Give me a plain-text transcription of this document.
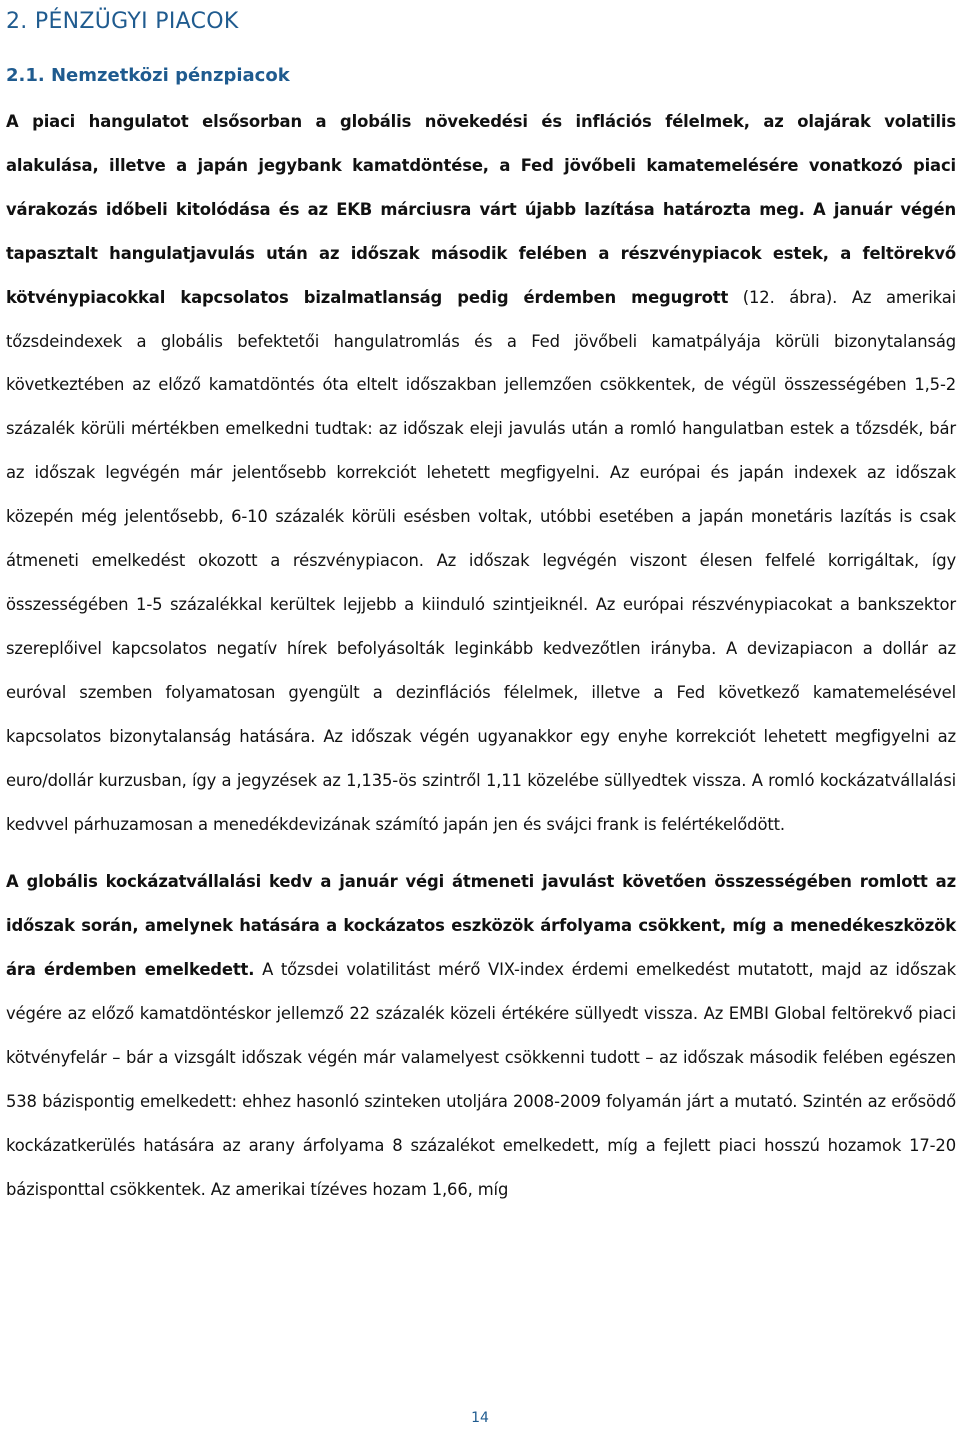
2. PÉNZÜGYI PIACOK
2.1. Nemzetközi pénzpiacok

A piaci hangulatot elsősorban a globális növekedési és inflációs félelmek, az olajárak volatilis alakulása, illetve a japán jegybank kamatdöntése, a Fed jövőbeli kamatemelésére vonatkozó piaci várakozás időbeli kitolódása és az EKB márciusra várt újabb lazítása határozta meg. A január végén tapasztalt hangulatjavulás után az időszak második felében a részvénypiacok estek, a feltörekvő kötvénypiacokkal kapcsolatos bizalmatlanság pedig érdemben megugrott (12. ábra). Az amerikai tőzsdeindexek a globális befektetői hangulatromlás és a Fed jövőbeli kamatpályája körüli bizonytalanság következtében az előző kamatdöntés óta eltelt időszakban jellemzően csökkentek, de végül összességében 1,5-2 százalék körüli mértékben emelkedni tudtak: az időszak eleji javulás után a romló hangulatban estek a tőzsdék, bár az időszak legvégén már jelentősebb korrekciót lehetett megfigyelni. Az európai és japán indexek az időszak közepén még jelentősebb, 6-10 százalék körüli esésben voltak, utóbbi esetében a japán monetáris lazítás is csak átmeneti emelkedést okozott a részvénypiacon. Az időszak legvégén viszont élesen felfelé korrigáltak, így összességében 1-5 százalékkal kerültek lejjebb a kiinduló szintjeiknél. Az európai részvénypiacokat a bankszektor szereplőivel kapcsolatos negatív hírek befolyásolták leginkább kedvezőtlen irányba. A devizapiacon a dollár az euróval szemben folyamatosan gyengült a dezinflációs félelmek, illetve a Fed következő kamatemelésével kapcsolatos bizonytalanság hatására. Az időszak végén ugyanakkor egy enyhe korrekciót lehetett megfigyelni az euro/dollár kurzusban, így a jegyzések az 1,135-ös szintről 1,11 közelébe süllyedtek vissza. A romló kockázatvállalási kedvvel párhuzamosan a menedékdevizának számító japán jen és svájci frank is felértékelődött.

A globális kockázatvállalási kedv a január végi átmeneti javulást követően összességében romlott az időszak során, amelynek hatására a kockázatos eszközök árfolyama csökkent, míg a menedékeszközök ára érdemben emelkedett. A tőzsdei volatilitást mérő VIX-index érdemi emelkedést mutatott, majd az időszak végére az előző kamatdöntéskor jellemző 22 százalék közeli értékére süllyedt vissza. Az EMBI Global feltörekvő piaci kötvényfelár – bár a vizsgált időszak végén már valamelyest csökkenni tudott – az időszak második felében egészen 538 bázispontig emelkedett: ehhez hasonló szinteken utoljára 2008-2009 folyamán járt a mutató. Szintén az erősödő kockázatkerülés hatására az arany árfolyama 8 százalékot emelkedett, míg a fejlett piaci hosszú hozamok 17-20 bázisponttal csökkentek. Az amerikai tízéves hozam 1,66, míg

14
